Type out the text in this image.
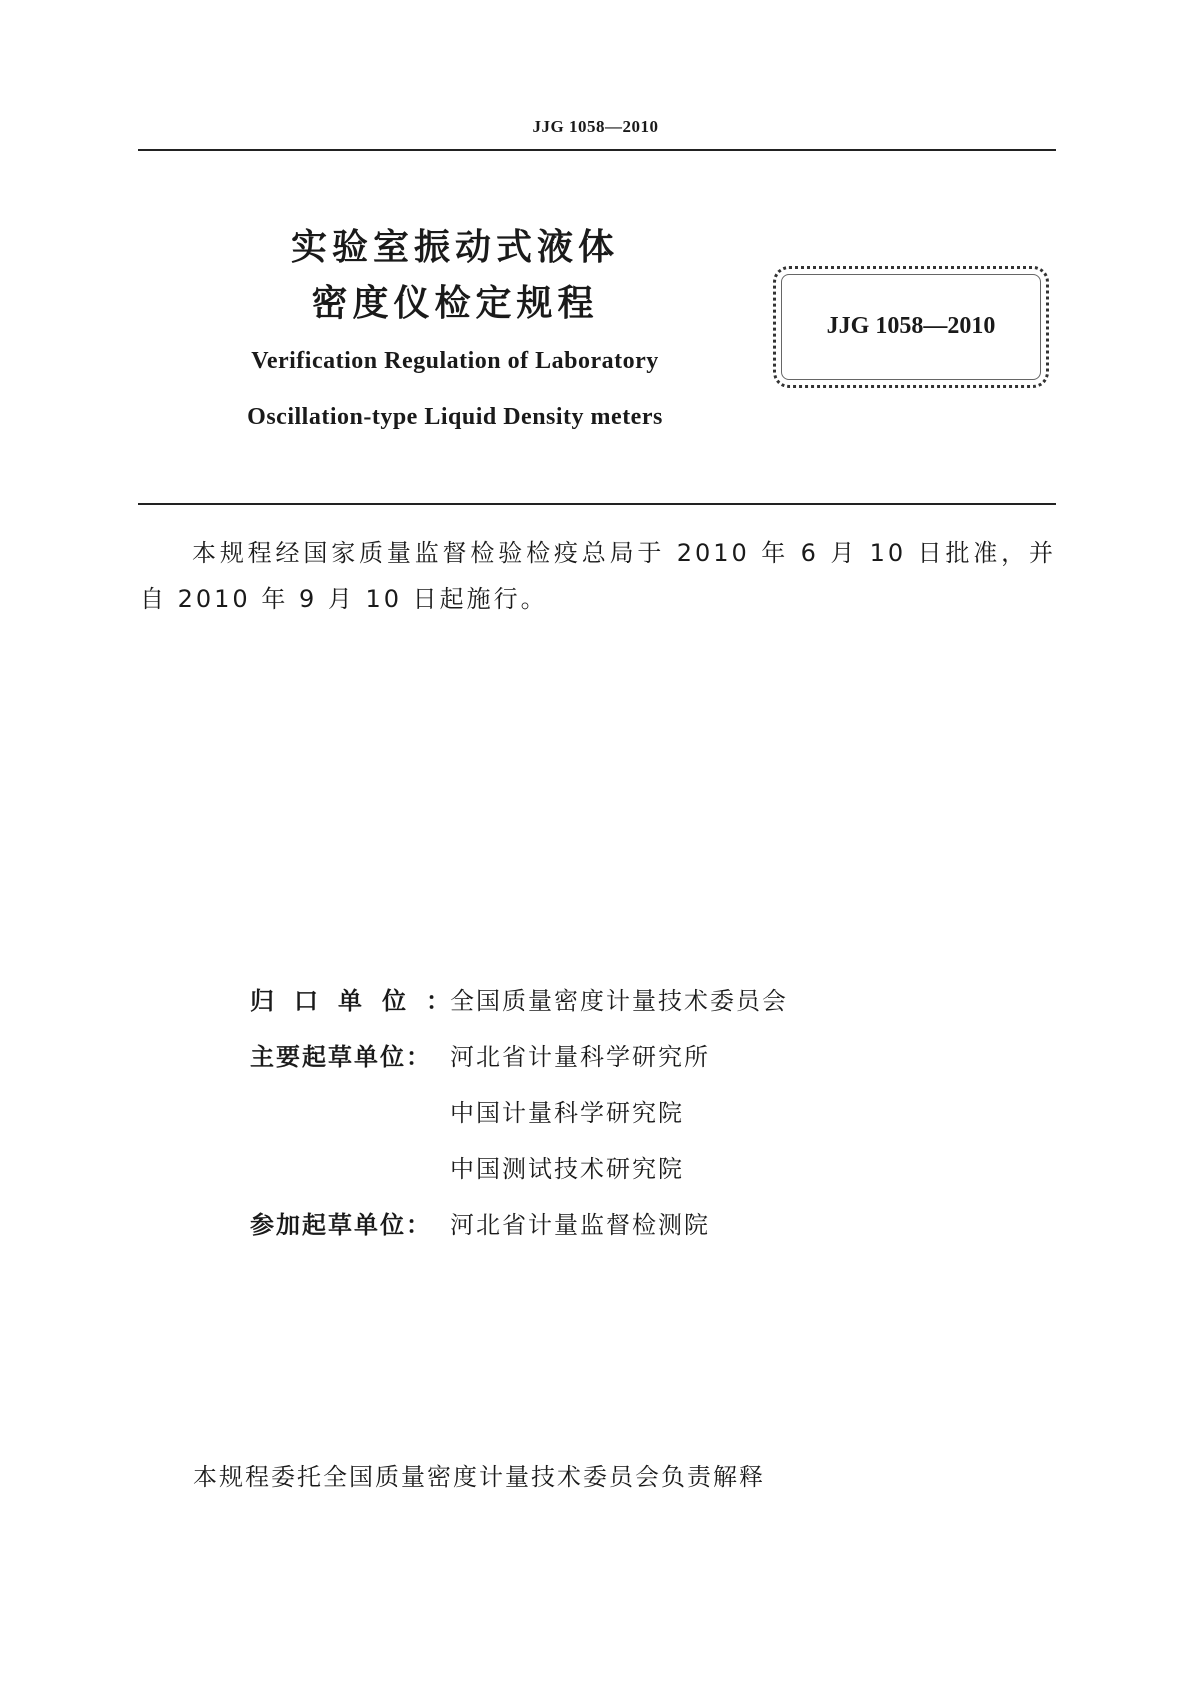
JJG 1058—2010
实验室振动式液体
密度仪检定规程
Verification Regulation of Laboratory
Oscillation-type Liquid Density meters
JJG 1058—2010
本规程经国家质量监督检验检疫总局于 2010 年 6 月 10 日批准，并自 2010 年 9 月 10 日起施行。
归口单位：
全国质量密度计量技术委员会
主要起草单位： 河北省计量科学研究所
中国计量科学研究院
中国测试技术研究院
参加起草单位： 河北省计量监督检测院
本规程委托全国质量密度计量技术委员会负责解释
